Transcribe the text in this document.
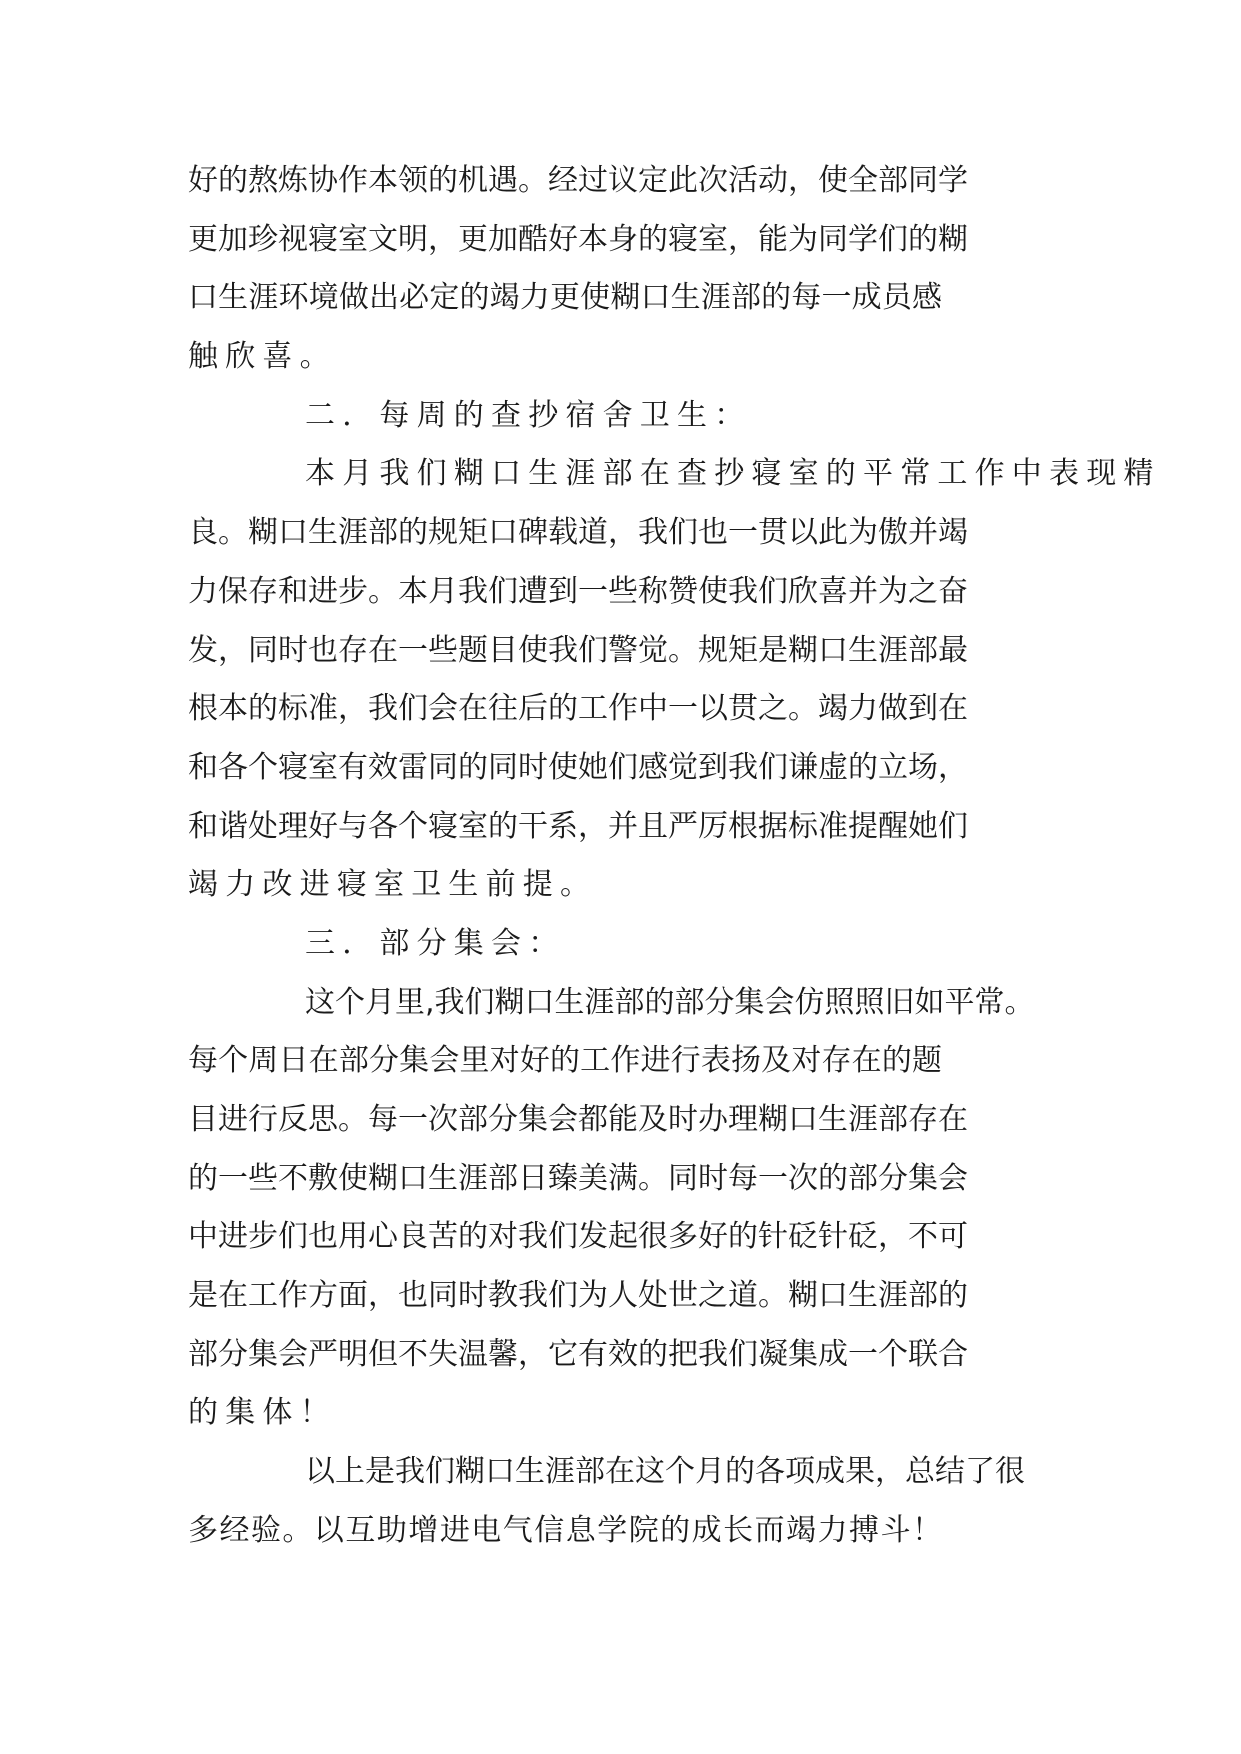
好的熬炼协作本领的机遇。经过议定此次活动，使全部同学
更加珍视寝室文明，更加酷好本身的寝室，能为同学们的糊
口生涯环境做出必定的竭力更使糊口生涯部的每一成员感
触欣喜。
二．每周的查抄宿舍卫生：
本月我们糊口生涯部在查抄寝室的平常工作中表现精
良。糊口生涯部的规矩口碑载道，我们也一贯以此为傲并竭
力保存和进步。本月我们遭到一些称赞使我们欣喜并为之奋
发，同时也存在一些题目使我们警觉。规矩是糊口生涯部最
根本的标准，我们会在往后的工作中一以贯之。竭力做到在
和各个寝室有效雷同的同时使她们感觉到我们谦虚的立场，
和谐处理好与各个寝室的干系，并且严厉根据标准提醒她们
竭力改进寝室卫生前提。
三．部分集会：
这个月里,我们糊口生涯部的部分集会仿照照旧如平常。
每个周日在部分集会里对好的工作进行表扬及对存在的题
目进行反思。每一次部分集会都能及时办理糊口生涯部存在
的一些不敷使糊口生涯部日臻美满。同时每一次的部分集会
中进步们也用心良苦的对我们发起很多好的针砭针砭，不可
是在工作方面，也同时教我们为人处世之道。糊口生涯部的
部分集会严明但不失温馨，它有效的把我们凝集成一个联合
的集体！
以上是我们糊口生涯部在这个月的各项成果，总结了很
多经验。以互助增进电气信息学院的成长而竭力搏斗！
